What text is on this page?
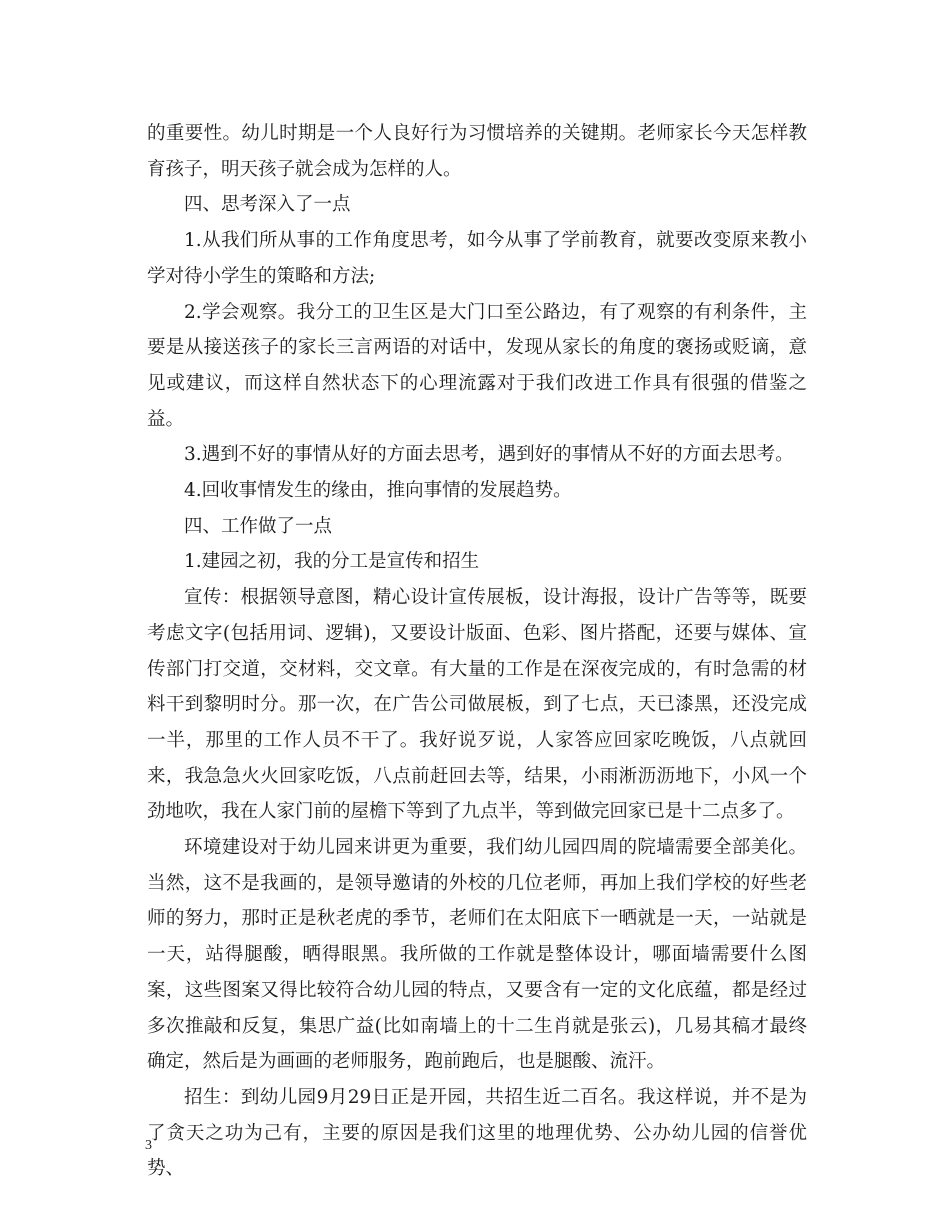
的重要性。幼儿时期是一个人良好行为习惯培养的关键期。老师家长今天怎样教育孩子，明天孩子就会成为怎样的人。

四、思考深入了一点

1.从我们所从事的工作角度思考，如今从事了学前教育，就要改变原来教小学对待小学生的策略和方法;

2.学会观察。我分工的卫生区是大门口至公路边，有了观察的有利条件，主要是从接送孩子的家长三言两语的对话中，发现从家长的角度的褒扬或贬谪，意见或建议，而这样自然状态下的心理流露对于我们改进工作具有很强的借鉴之益。

3.遇到不好的事情从好的方面去思考，遇到好的事情从不好的方面去思考。

4.回收事情发生的缘由，推向事情的发展趋势。

四、工作做了一点

1.建园之初，我的分工是宣传和招生

宣传：根据领导意图，精心设计宣传展板，设计海报，设计广告等等，既要考虑文字(包括用词、逻辑)，又要设计版面、色彩、图片搭配，还要与媒体、宣传部门打交道，交材料，交文章。有大量的工作是在深夜完成的，有时急需的材料干到黎明时分。那一次，在广告公司做展板，到了七点，天已漆黑，还没完成一半，那里的工作人员不干了。我好说歹说，人家答应回家吃晚饭，八点就回来，我急急火火回家吃饭，八点前赶回去等，结果，小雨淅沥沥地下，小风一个劲地吹，我在人家门前的屋檐下等到了九点半，等到做完回家已是十二点多了。

环境建设对于幼儿园来讲更为重要，我们幼儿园四周的院墙需要全部美化。当然，这不是我画的，是领导邀请的外校的几位老师，再加上我们学校的好些老师的努力，那时正是秋老虎的季节，老师们在太阳底下一晒就是一天，一站就是一天，站得腿酸，晒得眼黑。我所做的工作就是整体设计，哪面墙需要什么图案，这些图案又得比较符合幼儿园的特点，又要含有一定的文化底蕴，都是经过多次推敲和反复，集思广益(比如南墙上的十二生肖就是张云)，几易其稿才最终确定，然后是为画画的老师服务，跑前跑后，也是腿酸、流汗。

招生：到幼儿园9月29日正是开园，共招生近二百名。我这样说，并不是为了贪天之功为己有，主要的原因是我们这里的地理优势、公办幼儿园的信誉优势、

3
